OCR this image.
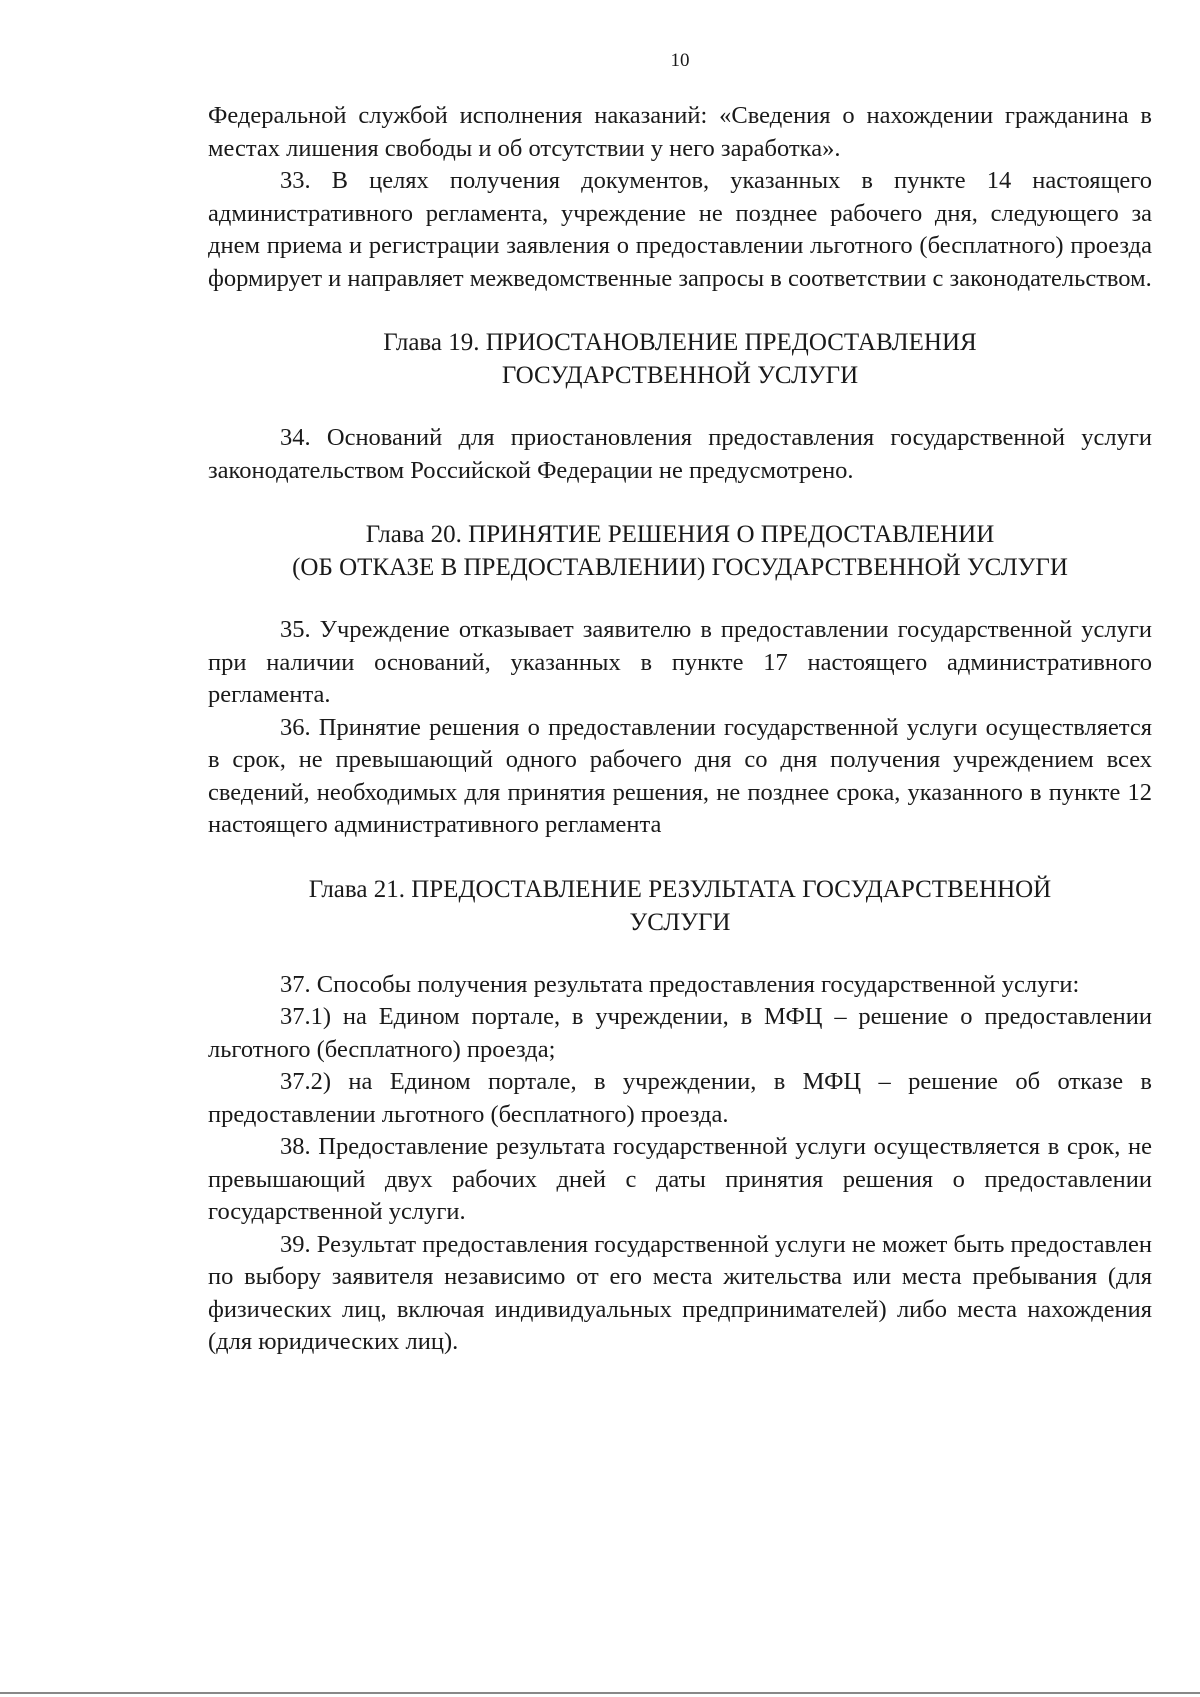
10

Федеральной службой исполнения наказаний: «Сведения о нахождении гражданина в местах лишения свободы и об отсутствии у него заработка».

33. В целях получения документов, указанных в пункте 14 настоящего административного регламента, учреждение не позднее рабочего дня, следующего за днем приема и регистрации заявления о предоставлении льготного (бесплатного) проезда формирует и направляет межведомственные запросы в соответствии с законодательством.

Глава 19. ПРИОСТАНОВЛЕНИЕ ПРЕДОСТАВЛЕНИЯ
ГОСУДАРСТВЕННОЙ УСЛУГИ

34. Оснований для приостановления предоставления государственной услуги законодательством Российской Федерации не предусмотрено.

Глава 20. ПРИНЯТИЕ РЕШЕНИЯ О ПРЕДОСТАВЛЕНИИ
(ОБ ОТКАЗЕ В ПРЕДОСТАВЛЕНИИ) ГОСУДАРСТВЕННОЙ УСЛУГИ

35. Учреждение отказывает заявителю в предоставлении государственной услуги при наличии оснований, указанных в пункте 17 настоящего административного регламента.

36. Принятие решения о предоставлении государственной услуги осуществляется в срок, не превышающий одного рабочего дня со дня получения учреждением всех сведений, необходимых для принятия решения, не позднее срока, указанного в пункте 12 настоящего административного регламента

Глава 21. ПРЕДОСТАВЛЕНИЕ РЕЗУЛЬТАТА ГОСУДАРСТВЕННОЙ
УСЛУГИ

37. Способы получения результата предоставления государственной услуги:

37.1) на Едином портале, в учреждении, в МФЦ – решение о предоставлении льготного (бесплатного) проезда;

37.2) на Едином портале, в учреждении, в МФЦ – решение об отказе в предоставлении льготного (бесплатного) проезда.

38. Предоставление результата государственной услуги осуществляется в срок, не превышающий двух рабочих дней с даты принятия решения о предоставлении государственной услуги.

39. Результат предоставления государственной услуги не может быть предоставлен по выбору заявителя независимо от его места жительства или места пребывания (для физических лиц, включая индивидуальных предпринимателей) либо места нахождения (для юридических лиц).
